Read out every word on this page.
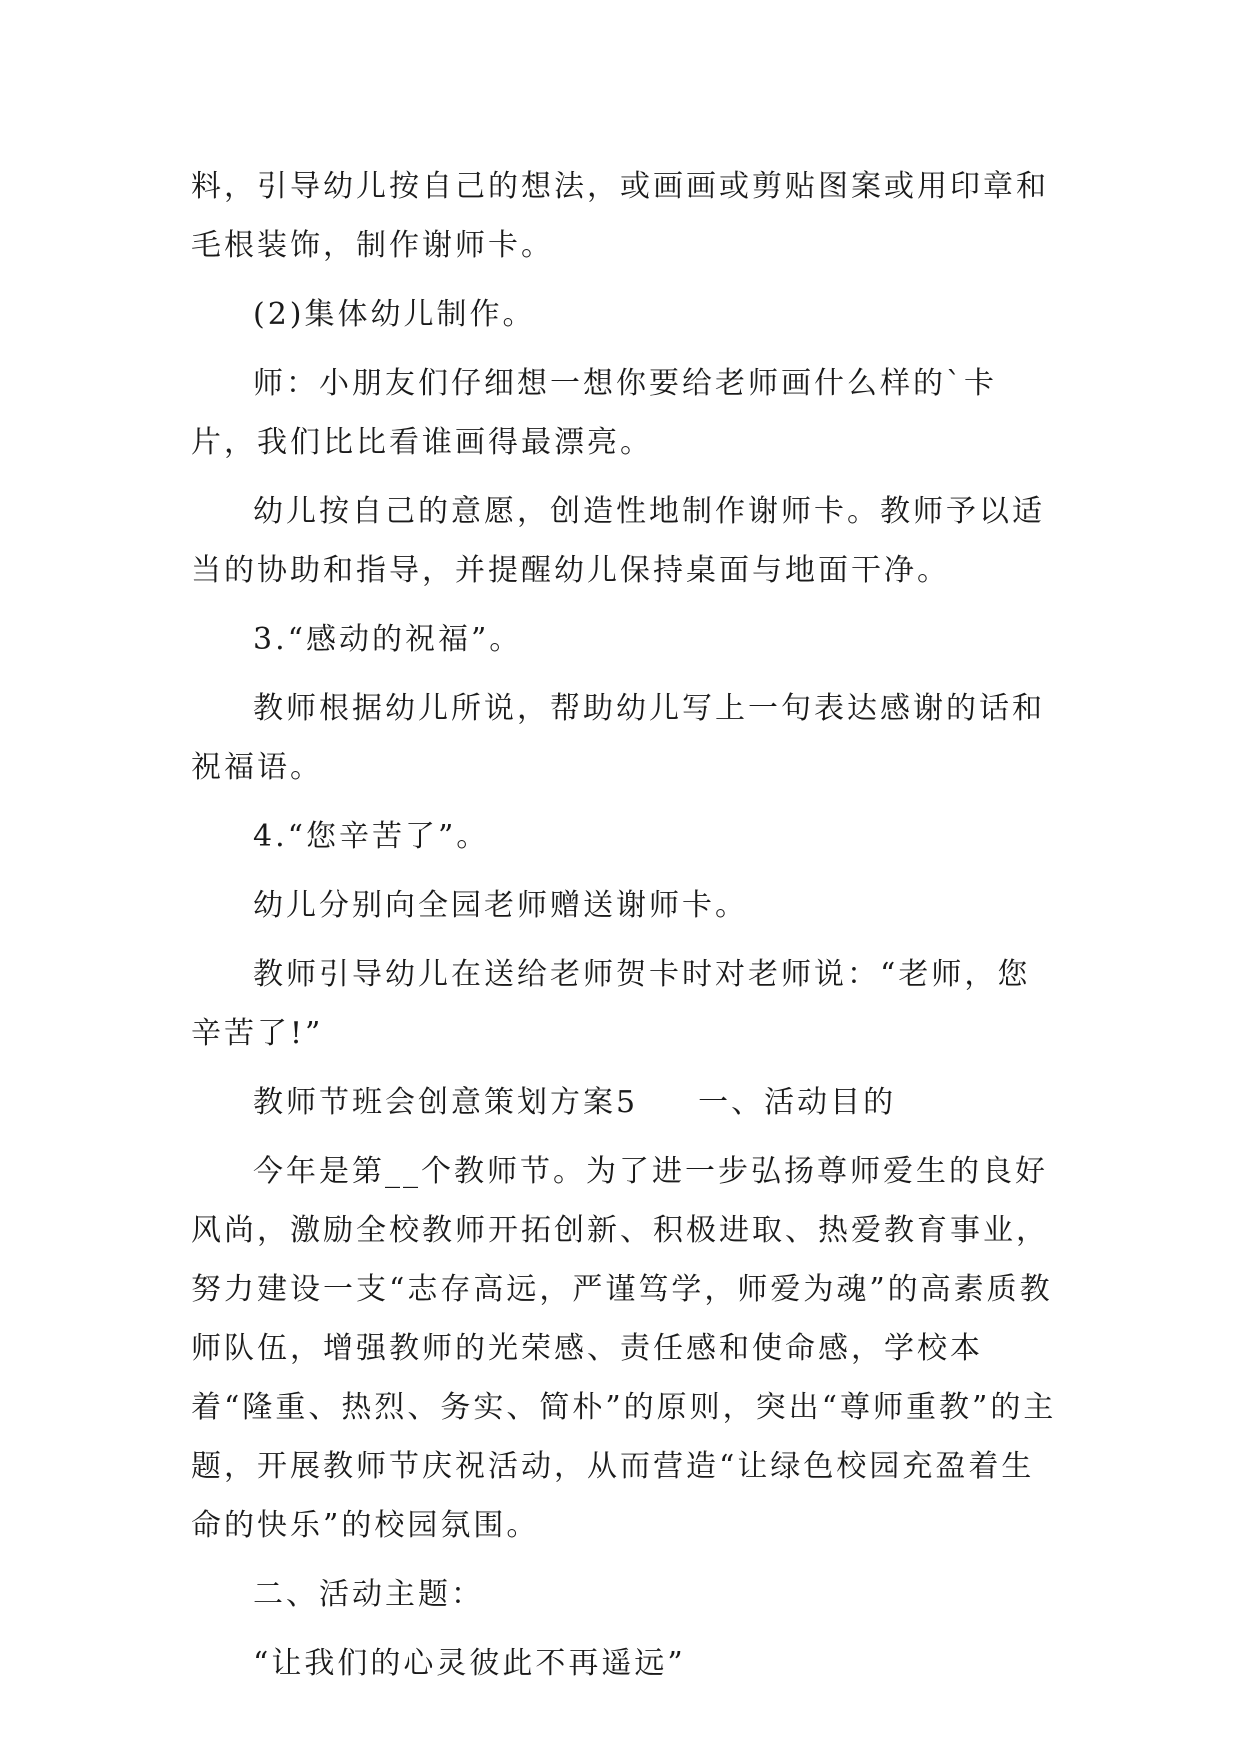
料，引导幼儿按自己的想法，或画画或剪贴图案或用印章和毛根装饰，制作谢师卡。

(2)集体幼儿制作。

师：小朋友们仔细想一想你要给老师画什么样的`卡片，我们比比看谁画得最漂亮。

幼儿按自己的意愿，创造性地制作谢师卡。教师予以适当的协助和指导，并提醒幼儿保持桌面与地面干净。

3.“感动的祝福”。

教师根据幼儿所说，帮助幼儿写上一句表达感谢的话和祝福语。

4.“您辛苦了”。

幼儿分别向全园老师赠送谢师卡。

教师引导幼儿在送给老师贺卡时对老师说：“老师，您辛苦了!”

教师节班会创意策划方案5 一、活动目的

今年是第__个教师节。为了进一步弘扬尊师爱生的良好风尚，激励全校教师开拓创新、积极进取、热爱教育事业，努力建设一支“志存高远，严谨笃学，师爱为魂”的高素质教师队伍，增强教师的光荣感、责任感和使命感，学校本着“隆重、热烈、务实、简朴”的原则，突出“尊师重教”的主题，开展教师节庆祝活动，从而营造“让绿色校园充盈着生命的快乐”的校园氛围。

二、活动主题：

“让我们的心灵彼此不再遥远”
